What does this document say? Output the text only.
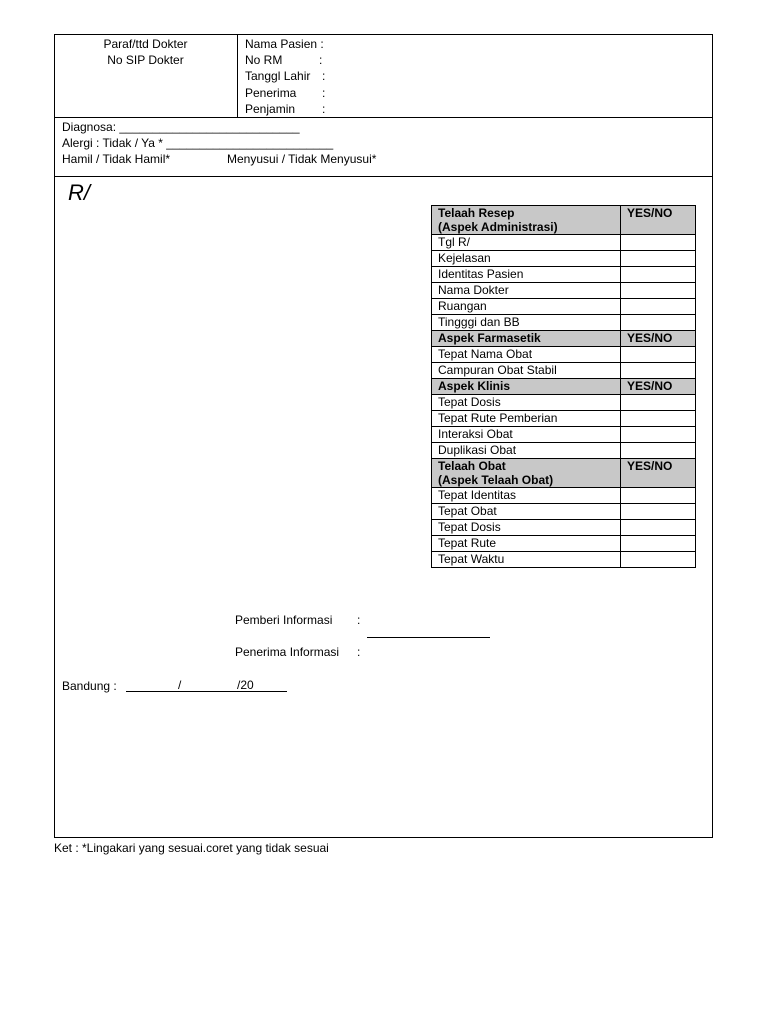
Paraf/ttd Dokter
No SIP Dokter
Nama Pasien :
No RM	:
Tanggl Lahir :
Penerima :
Penjamin :
Diagnosa: ___________________________
Alergi : Tidak / Ya * _________________________
Hamil / Tidak Hamil*	Menyusui / Tidak Menyusui*
R/
Telaah Resep
(Aspek Administrasi)	YES/NO
Tgl R/	
Kejelasan	
Identitas Pasien	
Nama Dokter	
Ruangan	
Tingggi dan BB	
Aspek Farmasetik	YES/NO
Tepat Nama Obat	
Campuran Obat Stabil	
Aspek Klinis	YES/NO
Tepat Dosis	
Tepat Rute Pemberian	
Interaksi Obat	
Duplikasi Obat	
Telaah Obat
(Aspek Telaah Obat)	YES/NO
Tepat Identitas	
Tepat Obat	
Tepat Dosis	
Tepat Rute	
Tepat Waktu	
Pemberi Informasi :
Penerima Informasi :
Bandung :	/	/20
Ket : *Lingakari yang sesuai.coret yang tidak sesuai
